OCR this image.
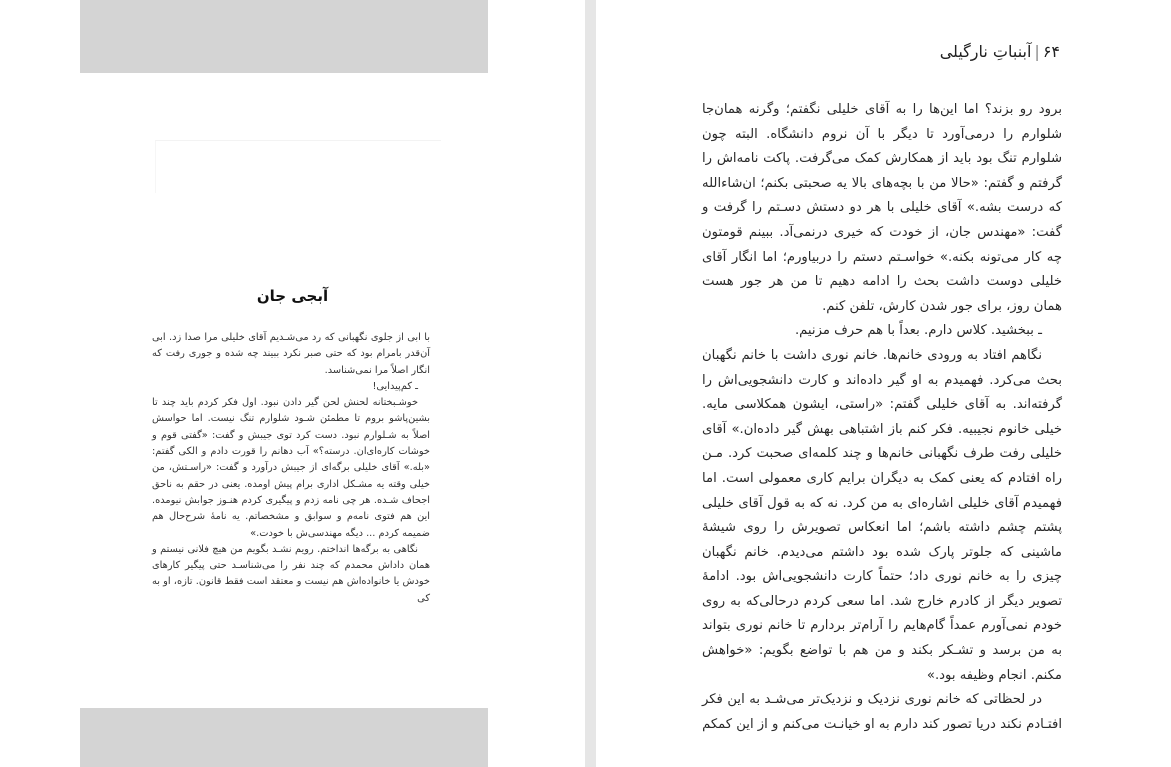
آبجی جان

با ابی از جلوی نگهبانی که رد می‌شـدیم آقای خلیلی مرا صدا زد. ابی آن‌قدر بامرام بود که حتی صبر نکرد ببیند چه شده و جوری رفت که انگار اصلاً مرا نمی‌شناسد.

ـ کم‌پیدایی!

خوشـبختانه لحنش لحن گیر دادن نبود. اول فکر کردم باید چند تا بشین‌پاشو بروم تا مطمئن شـود شلوارم تنگ نیست. اما حواسش اصلاً به شـلوارم نبود. دست کرد توی جیبش و گفت: «گفتی قوم و خوشات کاره‌ای‌ان. درسته؟» آب دهانم را قورت دادم و الکی گفتم: «بله.» آقای خلیلی برگه‌ای از جیبش درآورد و گفت: «راسـتش، من خیلی وقته یه مشـکل اداری برام پیش اومده. یعنی در حقم به ناحق اجحاف شـده. هر چی نامه زدم و پیگیری کردم هنـوز جوابش نیومده. این هم فتوی نامه‌م و سوابق و مشخصاتم. یه نامهٔ شرح‌حال هم ضمیمه کردم ... دیگه مهندسی‌ش با خودت.»

نگاهی به برگه‌ها انداختم. رویم نشـد بگویم من هیچ فلانی نیستم و همان داداش محمدم که چند نفر را می‌شناسـد حتی پیگیر کارهای خودش یا خانواده‌اش هم نیست و معتقد است فقط قانون. تازه، او به کی

۶۴|آبنباتِ نارگیلی

برود رو بزند؟ اما این‌ها را به آقای خلیلی نگفتم؛ وگرنه همان‌جا شلوارم را درمی‌آورد تا دیگر با آن نروم دانشگاه. البته چون شلوارم تنگ بود باید از همکارش کمک می‌گرفت. پاکت نامه‌اش را گرفتم و گفتم: «حالا من با بچه‌های بالا یه صحبتی بکنم؛ ان‌شاءالله که درست بشه.» آقای خلیلی با هر دو دستش دسـتم را گرفت و گفت: «مهندس جان، از خودت که خیری درنمی‌آد. ببینم قومتون چه کار می‌تونه بکنه.» خواسـتم دستم را دربیاورم؛ اما انگار آقای خلیلی دوست داشت بحث را ادامه دهیم تا من هر جور هست همان روز، برای جور شدن کارش، تلفن کنم.

ـ ببخشید. کلاس دارم. بعداً با هم حرف مزنیم.

نگاهم افتاد به ورودی خانم‌ها. خانم نوری داشت با خانم نگهبان بحث می‌کرد. فهمیدم به او گیر داده‌اند و کارت دانشجویی‌اش را گرفته‌اند. به آقای خلیلی گفتم: «راستی، ایشون همکلاسی مایه. خیلی خانوم نجیبیه. فکر کنم باز اشتباهی بهش گیر داده‌ان.» آقای خلیلی رفت طرف نگهبانی خانم‌ها و چند کلمه‌ای صحبت کرد. مـن راه افتادم که یعنی کمک به دیگران برایم کاری معمولی است. اما فهمیدم آقای خلیلی اشاره‌ای به من کرد. نه که به قول آقای خلیلی پشتم چشم داشته باشم؛ اما انعکاس تصویرش را روی شیشهٔ ماشینی که جلوتر پارک شده بود داشتم می‌دیدم. خانم نگهبان چیزی را به خانم نوری داد؛ حتماً کارت دانشجویی‌اش بود. ادامهٔ تصویر دیگر از کادرم خارج شد. اما سعی کردم درحالی‌که به روی خودم نمی‌آورم عمداً گام‌هایم را آرام‌تر بردارم تا خانم نوری بتواند به من برسد و تشـکر بکند و من هم با تواضع بگویم: «خواهش مکنم. انجام وظیفه بود.»

در لحظاتی که خانم نوری نزدیک و نزدیک‌تر می‌شـد به این فکر افتـادم نکند دریا تصور کند دارم به او خیانـت می‌کنم و از این کمکم
